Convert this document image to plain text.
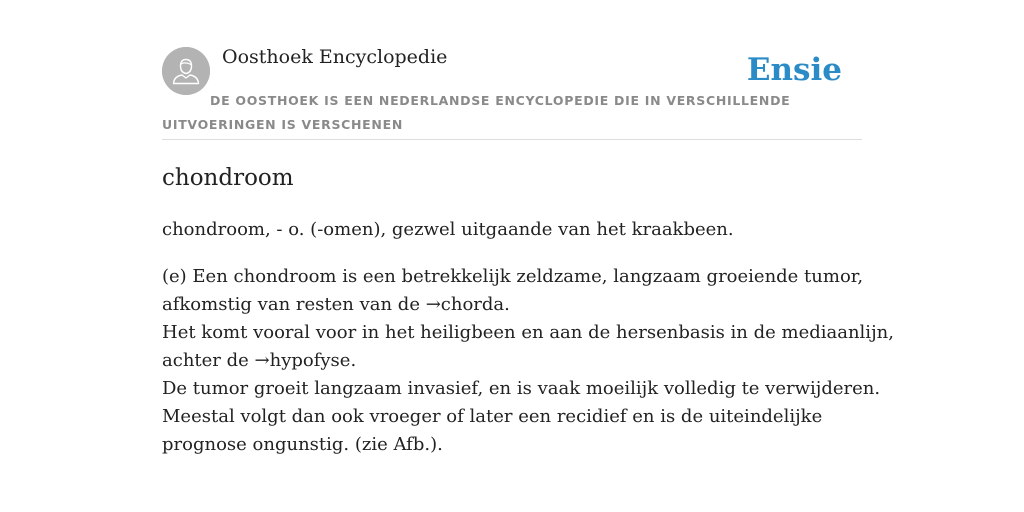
Oosthoek Encyclopedie	Ensie
DE OOSTHOEK IS EEN NEDERLANDSE ENCYCLOPEDIE DIE IN VERSCHILLENDE UITVOERINGEN IS VERSCHENEN
chondroom

chondroom, - o. (-omen), gezwel uitgaande van het kraakbeen.

(e) Een chondroom is een betrekkelijk zeldzame, langzaam groeiende tumor,
afkomstig van resten van de →chorda.
Het komt vooral voor in het heiligbeen en aan de hersenbasis in de mediaanlijn,
achter de →hypofyse.
De tumor groeit langzaam invasief, en is vaak moeilijk volledig te verwijderen.
Meestal volgt dan ook vroeger of later een recidief en is de uiteindelijke
prognose ongunstig. (zie Afb.).
